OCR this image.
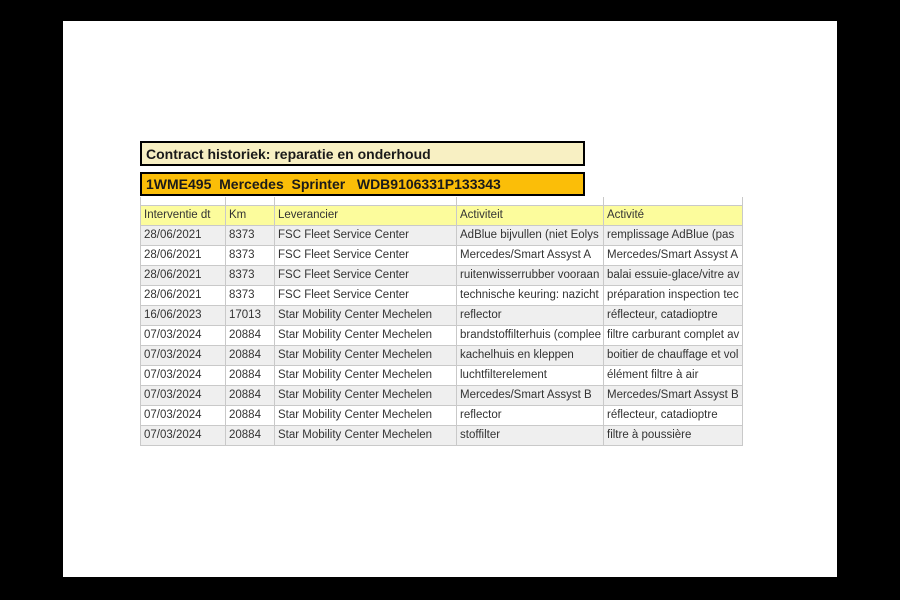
Contract historiek: reparatie en onderhoud
1WME495  Mercedes  Sprinter   WDB9106331P133343

Interventie dt	Km	Leverancier	Activiteit	Activité
28/06/2021	8373	FSC Fleet Service Center	AdBlue bijvullen (niet Eolys	remplissage AdBlue (pas
28/06/2021	8373	FSC Fleet Service Center	Mercedes/Smart Assyst A	Mercedes/Smart Assyst A
28/06/2021	8373	FSC Fleet Service Center	ruitenwisserrubber vooraan	balai essuie-glace/vitre av
28/06/2021	8373	FSC Fleet Service Center	technische keuring: nazicht	préparation inspection tec
16/06/2023	17013	Star Mobility Center Mechelen	reflector	réflecteur, catadioptre
07/03/2024	20884	Star Mobility Center Mechelen	brandstoffilterhuis (complee	filtre carburant complet av
07/03/2024	20884	Star Mobility Center Mechelen	kachelhuis en kleppen	boitier de chauffage et vol
07/03/2024	20884	Star Mobility Center Mechelen	luchtfilterelement	élément filtre à air
07/03/2024	20884	Star Mobility Center Mechelen	Mercedes/Smart Assyst B	Mercedes/Smart Assyst B
07/03/2024	20884	Star Mobility Center Mechelen	reflector	réflecteur, catadioptre
07/03/2024	20884	Star Mobility Center Mechelen	stoffilter	filtre à poussière
